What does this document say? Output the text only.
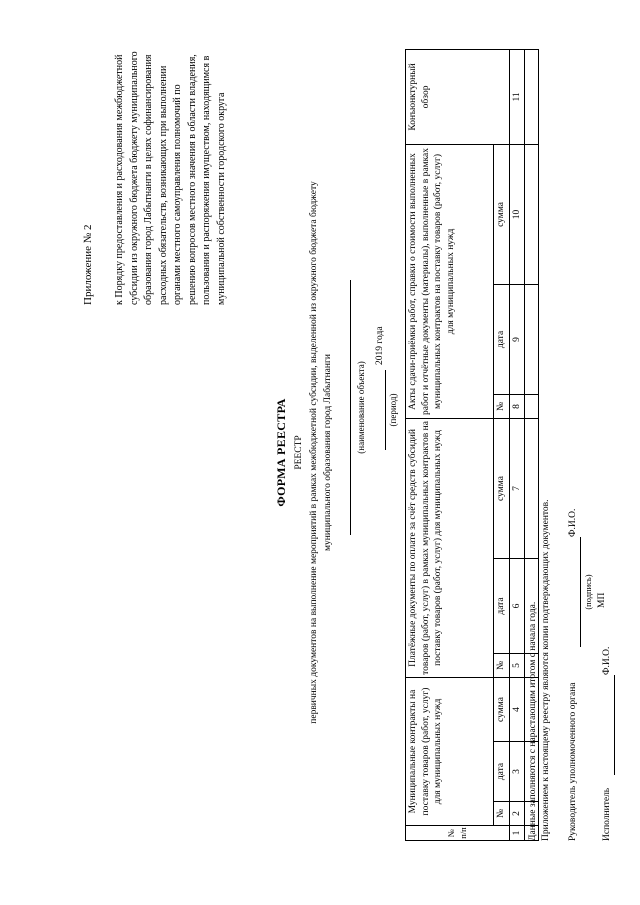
Приложение № 2 к Порядку предоставления и расходования межбюджетной субсидии из окружного бюджета бюджету муниципального образования город Лабытнанги в целях софинансирования расходных обязательств, возникающих при выполнении органами местного самоуправления полномочий по решению вопросов местного значения в области владения, пользования и распоряжения имуществом, находящимся в муниципальной собственности городского округа
ФОРМА РЕЕСТРА РЕЕСТР первичных документов на выполнение мероприятий в рамках межбюджетной субсидии, выделенной из окружного бюджета бюджету муниципального образования город Лабытнанги	(наименование объекта)
2019 года
(период)
№ п/п	Муниципальные контракты на поставку товаров (работ, услуг) для муниципальных нужд			Платёжные документы по оплате за счёт средств субсидий товаров (работ, услуг) в рамках муниципальных контрактов на поставку товаров (работ, услуг) для муниципальных нужд			Акты сдачи-приёмки работ, справки о стоимости выполненных работ и отчётные документы (материалы), выполненные в рамках муниципальных контрактов на поставку товаров (работ, услуг) для муниципальных нужд			Конъюнктурный обзор
	№	дата	сумма	№	дата	сумма	№	дата	сумма	
1	2	3	4	5	6	7	8	9	10	11

Данные заполняются с нарастающим итогом с начала года. Приложением к настоящему реестру являются копии подтверждающих документов. Руководитель уполномоченного органа
Ф.И.О.
(подпись) МП
Исполнитель
Ф.И.О.
